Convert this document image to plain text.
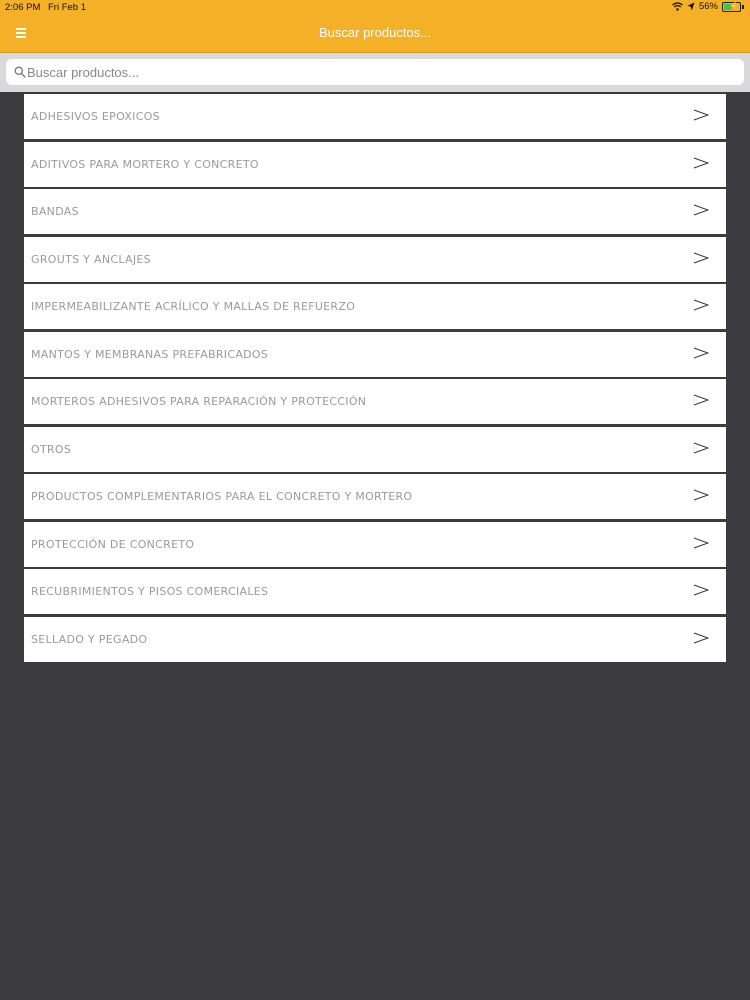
2:06 PM Fri Feb 1	56% ⚡
Buscar productos...
Buscar productos...
ADHESIVOS EPOXICOS
ADITIVOS PARA MORTERO Y CONCRETO
BANDAS
GROUTS Y ANCLAJES
IMPERMEABILIZANTE ACRÍLICO Y MALLAS DE REFUERZO
MANTOS Y MEMBRANAS PREFABRICADOS
MORTEROS ADHESIVOS PARA REPARACIÓN Y PROTECCIÓN
OTROS
PRODUCTOS COMPLEMENTARIOS PARA EL CONCRETO Y MORTERO
PROTECCIÓN DE CONCRETO
RECUBRIMIENTOS Y PISOS COMERCIALES
SELLADO Y PEGADO
